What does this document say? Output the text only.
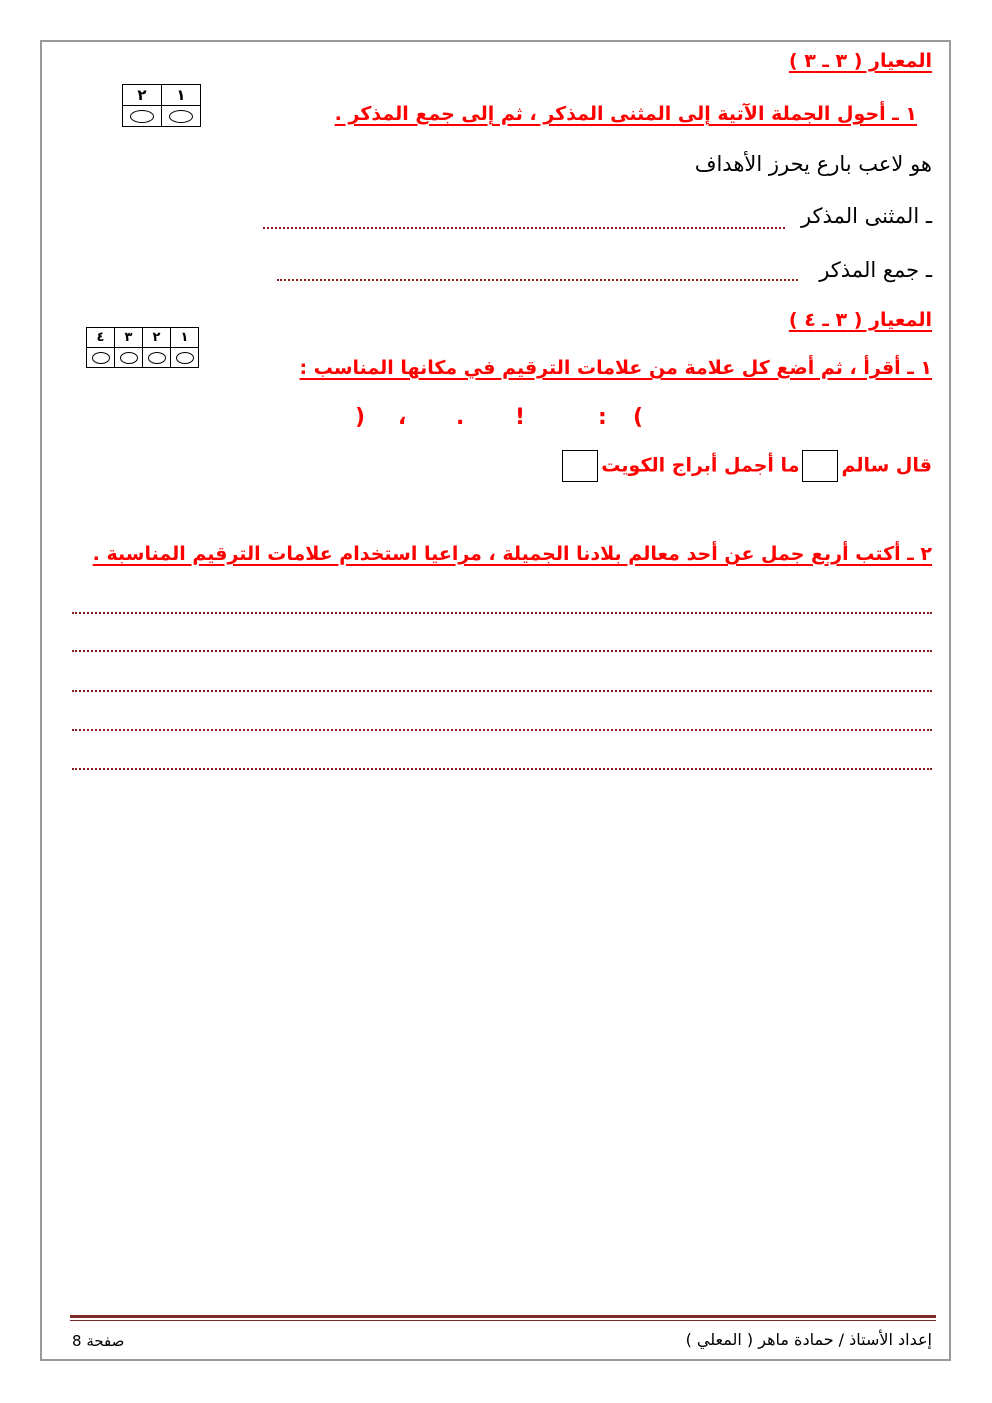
المعيار ( ٣ ـ ٣ )
٢	١

١ ـ أحول الجملة الآتية إلى المثنى المذكر ، ثم إلى جمع المذكر .
هو لاعب بارع يحرز الأهداف
ـ المثنى المذكر
ـ جمع المذكر
المعيار ( ٣ ـ ٤ )
٤	٣	٢	١

١ ـ أقرأ ، ثم أضع كل علامة من علامات الترقيم في مكانها المناسب :
(
:
!
.
،
)
قال سالمما أجمل أبراج الكويت
٢ ـ أكتب أربع جمل عن أحد معالم بلادنا الجميلة ، مراعيا استخدام علامات الترقيم المناسبة .
إعداد الأستاذ / حمادة ماهر ( المعلي )
صفحة 8
